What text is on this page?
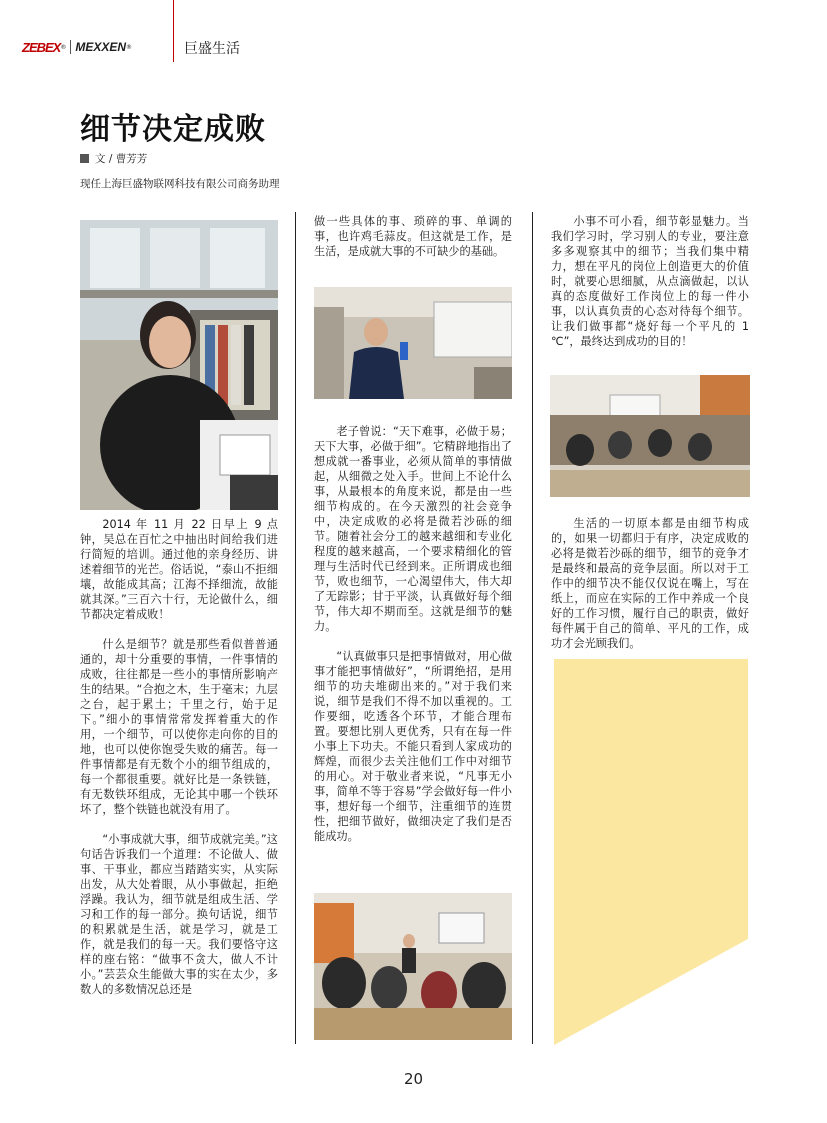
ZEBEX ® MEXXEN ®	巨盛生活
细节决定成败
文 / 曹芳芳
现任上海巨盛物联网科技有限公司商务助理

2014 年 11 月 22 日早上 9 点钟，吴总在百忙之中抽出时间给我们进行简短的培训。通过他的亲身经历、讲述着细节的光芒。俗话说，“泰山不拒细壤，故能成其高；江海不择细流，故能就其深。”三百六十行，无论做什么，细节都决定着成败！

什么是细节？就是那些看似普普通通的，却十分重要的事情，一件事情的成败，往往都是一些小的事情所影响产生的结果。“合抱之木，生于毫末；九层之台，起于累土；千里之行，始于足下。”细小的事情常常发挥着重大的作用，一个细节，可以使你走向你的目的地，也可以使你饱受失败的痛苦。每一件事情都是有无数个小的细节组成的，每一个都很重要。就好比是一条铁链，有无数铁环组成，无论其中哪一个铁环坏了，整个铁链也就没有用了。

“小事成就大事，细节成就完美。”这句话告诉我们一个道理：不论做人、做事、干事业，都应当踏踏实实，从实际出发，从大处着眼，从小事做起，拒绝浮躁。我认为，细节就是组成生活、学习和工作的每一部分。换句话说，细节的积累就是生活，就是学习，就是工作，就是我们的每一天。我们要恪守这样的座右铭：“做事不贪大，做人不计小。”芸芸众生能做大事的实在太少，多数人的多数情况总还是

做一些具体的事、琐碎的事、单调的事，也许鸡毛蒜皮。但这就是工作，是生活，是成就大事的不可缺少的基础。

老子曾说：“天下难事，必做于易；天下大事，必做于细”。它精辟地指出了想成就一番事业，必须从简单的事情做起，从细微之处入手。世间上不论什么事，从最根本的角度来说，都是由一些细节构成的。在今天激烈的社会竞争中，决定成败的必将是微若沙砾的细节。随着社会分工的越来越细和专业化程度的越来越高，一个要求精细化的管理与生活时代已经到来。正所谓成也细节，败也细节，一心渴望伟大，伟大却了无踪影；甘于平淡，认真做好每个细节，伟大却不期而至。这就是细节的魅力。

“认真做事只是把事情做对，用心做事才能把事情做好”，“所谓绝招，是用细节的功夫堆砌出来的。”对于我们来说，细节是我们不得不加以重视的。工作要细，吃透各个环节，才能合理布置。要想比别人更优秀，只有在每一件小事上下功夫。不能只看到人家成功的辉煌，而很少去关注他们工作中对细节的用心。对于敬业者来说，“凡事无小事，简单不等于容易”学会做好每一件小事，想好每一个细节，注重细节的连贯性，把细节做好，做细决定了我们是否能成功。

小事不可小看，细节彰显魅力。当我们学习时，学习别人的专业，要注意多多观察其中的细节；当我们集中精力，想在平凡的岗位上创造更大的价值时，就要心思细腻，从点滴做起，以认真的态度做好工作岗位上的每一件小事，以认真负责的心态对待每个细节。让我们做事都“烧好每一个平凡的 1 ℃”，最终达到成功的目的！

生活的一切原本都是由细节构成的，如果一切都归于有序，决定成败的必将是微若沙砾的细节，细节的竞争才是最终和最高的竞争层面。所以对于工作中的细节决不能仅仅说在嘴上，写在纸上，而应在实际的工作中养成一个良好的工作习惯，履行自己的职责，做好每件属于自己的简单、平凡的工作，成功才会光顾我们。

20
